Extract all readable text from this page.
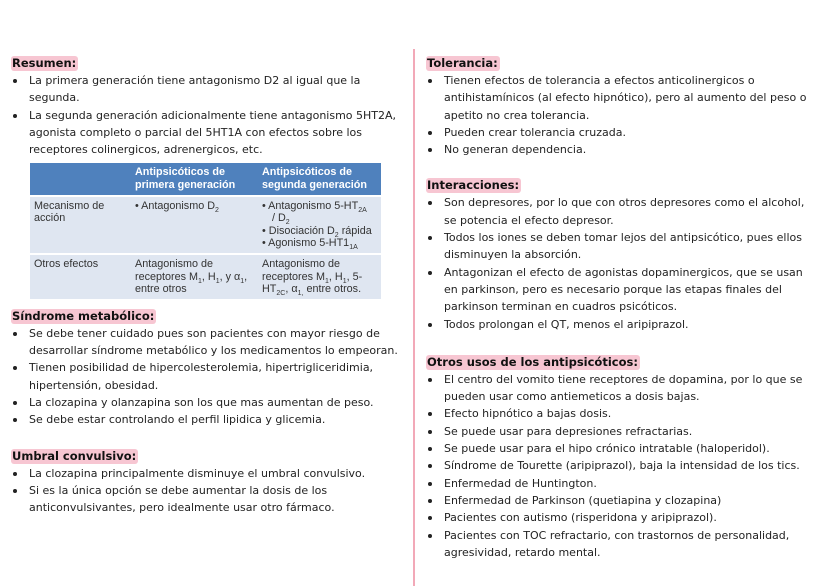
Resumen:
La primera generación tiene antagonismo D2 al igual que la segunda.
La segunda generación adicionalmente tiene antagonismo 5HT2A, agonista completo o parcial del 5HT1A con efectos sobre los receptores colinergicos, adrenergicos, etc.
	Antipsicóticos de primera generación	Antipsicóticos de segunda generación
Mecanismo de acción	• Antagonismo $D_2$	• Antagonismo $5-HT_{2A}$
/ $D_2$
• Disociación $D_2$ rápida
• Agonismo $5-HT1_{1A}$

Otros efectos	Antagonismo de receptores $M_1$, $H_1$, y $\alpha_1$, entre otros	Antagonismo de receptores $M_1$, $H_1$, $5-HT_{2C}$, $\alpha_{1,}$ entre otros.
Síndrome metabólico:
Se debe tener cuidado pues son pacientes con mayor riesgo de desarrollar síndrome metabólico y los medicamentos lo empeoran.
Tienen posibilidad de hipercolesterolemia, hipertrigliceridimia, hipertensión, obesidad.
La clozapina y olanzapina son los que mas aumentan de peso.
Se debe estar controlando el perfil lipidica y glicemia.
Umbral convulsivo:
La clozapina principalmente disminuye el umbral convulsivo.
Si es la única opción se debe aumentar la dosis de los anticonvulsivantes, pero idealmente usar otro fármaco.
Tolerancia:
Tienen efectos de tolerancia a efectos anticolinergicos o antihistamínicos (al efecto hipnótico), pero al aumento del peso o apetito no crea tolerancia.
Pueden crear tolerancia cruzada.
No generan dependencia.
Interacciones:
Son depresores, por lo que con otros depresores como el alcohol, se potencia el efecto depresor.
Todos los iones se deben tomar lejos del antipsicótico, pues ellos disminuyen la absorción.
Antagonizan el efecto de agonistas dopaminergicos, que se usan en parkinson, pero es necesario porque las etapas finales del parkinson terminan en cuadros psicóticos.
Todos prolongan el QT, menos el aripiprazol.
Otros usos de los antipsicóticos:
El centro del vomito tiene receptores de dopamina, por lo que se pueden usar como antiemeticos a dosis bajas.
Efecto hipnótico a bajas dosis.
Se puede usar para depresiones refractarias.
Se puede usar para el hipo crónico intratable (haloperidol).
Síndrome de Tourette (aripiprazol), baja la intensidad de los tics.
Enfermedad de Huntington.
Enfermedad de Parkinson (quetiapina y clozapina)
Pacientes con autismo (risperidona y aripiprazol).
Pacientes con TOC refractario, con trastornos de personalidad, agresividad, retardo mental.
